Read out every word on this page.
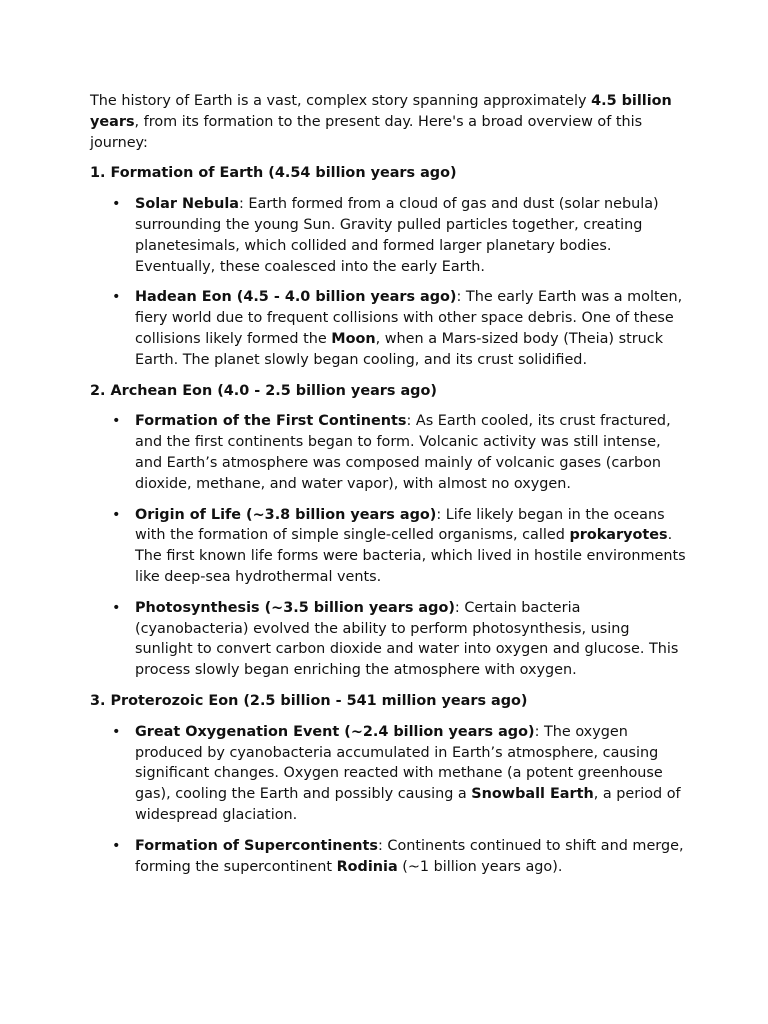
The history of Earth is a vast, complex story spanning approximately 4.5 billion years, from its formation to the present day. Here's a broad overview of this journey:

1. Formation of Earth (4.54 billion years ago)

• Solar Nebula: Earth formed from a cloud of gas and dust (solar nebula) surrounding the young Sun. Gravity pulled particles together, creating planetesimals, which collided and formed larger planetary bodies. Eventually, these coalesced into the early Earth.
• Hadean Eon (4.5 - 4.0 billion years ago): The early Earth was a molten, fiery world due to frequent collisions with other space debris. One of these collisions likely formed the Moon, when a Mars-sized body (Theia) struck Earth. The planet slowly began cooling, and its crust solidified.

2. Archean Eon (4.0 - 2.5 billion years ago)

• Formation of the First Continents: As Earth cooled, its crust fractured, and the first continents began to form. Volcanic activity was still intense, and Earth’s atmosphere was composed mainly of volcanic gases (carbon dioxide, methane, and water vapor), with almost no oxygen.
• Origin of Life (~3.8 billion years ago): Life likely began in the oceans with the formation of simple single-celled organisms, called prokaryotes. The first known life forms were bacteria, which lived in hostile environments like deep-sea hydrothermal vents.
• Photosynthesis (~3.5 billion years ago): Certain bacteria (cyanobacteria) evolved the ability to perform photosynthesis, using sunlight to convert carbon dioxide and water into oxygen and glucose. This process slowly began enriching the atmosphere with oxygen.

3. Proterozoic Eon (2.5 billion - 541 million years ago)

• Great Oxygenation Event (~2.4 billion years ago): The oxygen produced by cyanobacteria accumulated in Earth’s atmosphere, causing significant changes. Oxygen reacted with methane (a potent greenhouse gas), cooling the Earth and possibly causing a Snowball Earth, a period of widespread glaciation.
• Formation of Supercontinents: Continents continued to shift and merge, forming the supercontinent Rodinia (~1 billion years ago).
